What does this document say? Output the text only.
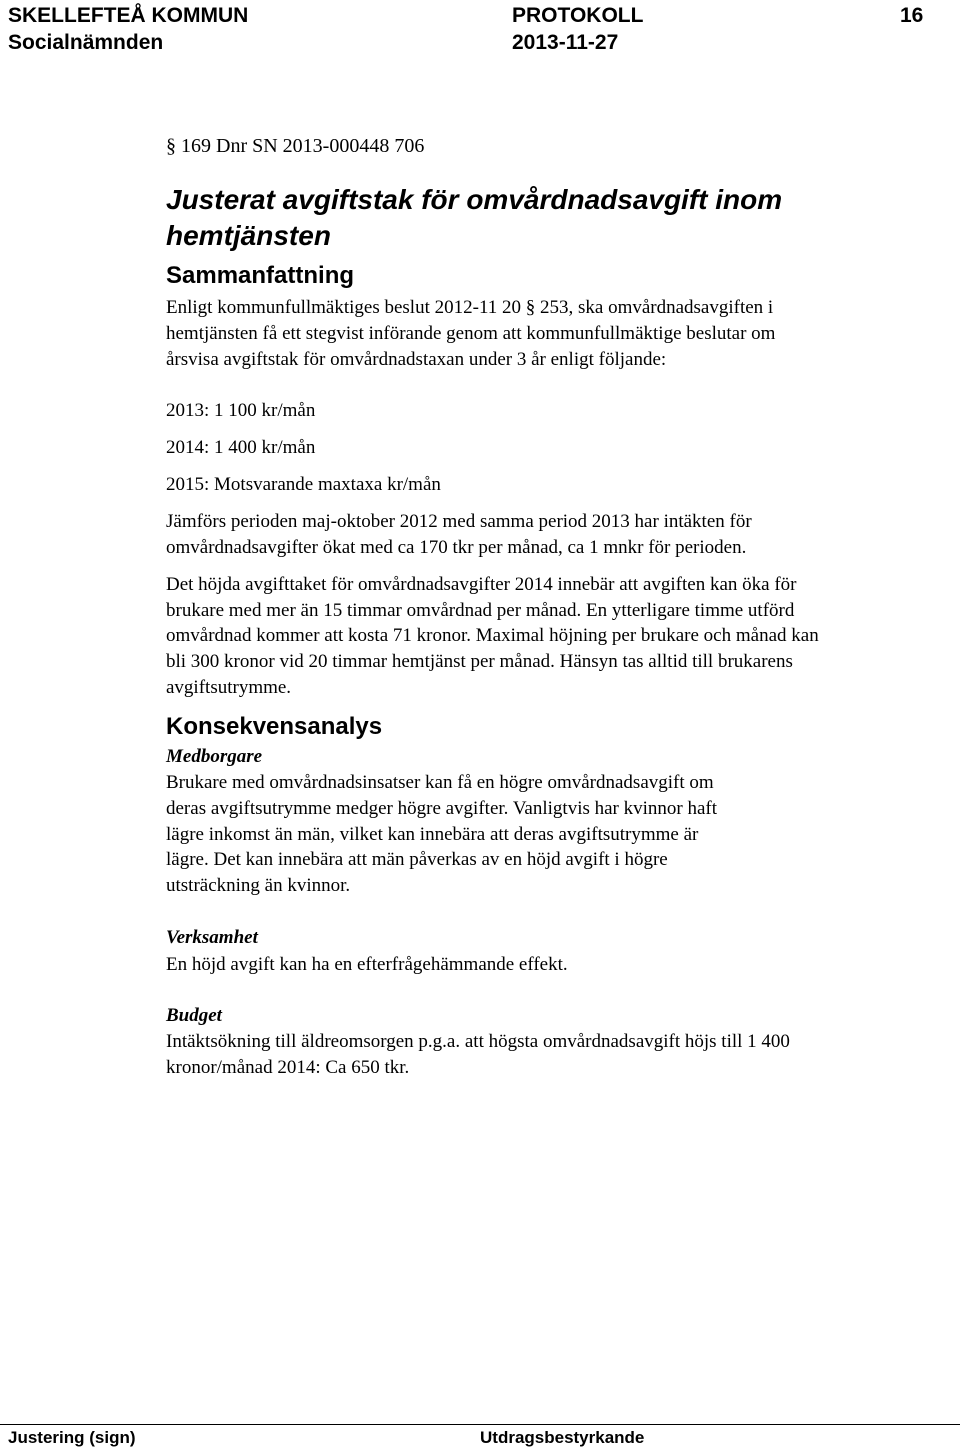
SKELLEFTEÅ KOMMUN	PROTOKOLL	16
Socialnämnden	2013-11-27

§ 169 Dnr SN 2013-000448 706

Justerat avgiftstak för omvårdnadsavgift inom
hemtjänsten
Sammanfattning

Enligt kommunfullmäktiges beslut 2012-11 20 § 253, ska omvårdnadsavgiften i

hemtjänsten få ett stegvist införande genom att kommunfullmäktige beslutar om

årsvisa avgiftstak för omvårdnadstaxan under 3 år enligt följande:

2013: 1 100 kr/mån

2014: 1 400 kr/mån

2015: Motsvarande maxtaxa kr/mån

Jämförs perioden maj-oktober 2012 med samma period 2013 har intäkten för

omvårdnadsavgifter ökat med ca 170 tkr per månad, ca 1 mnkr för perioden.

Det höjda avgifttaket för omvårdnadsavgifter 2014 innebär att avgiften kan öka för

brukare med mer än 15 timmar omvårdnad per månad. En ytterligare timme utförd

omvårdnad kommer att kosta 71 kronor. Maximal höjning per brukare och månad kan

bli 300 kronor vid 20 timmar hemtjänst per månad. Hänsyn tas alltid till brukarens

avgiftsutrymme.

Konsekvensanalys
Medborgare

Brukare med omvårdnadsinsatser kan få en högre omvårdnadsavgift om

deras avgiftsutrymme medger högre avgifter. Vanligtvis har kvinnor haft

lägre inkomst än män, vilket kan innebära att deras avgiftsutrymme är

lägre. Det kan innebära att män påverkas av en höjd avgift i högre

utsträckning än kvinnor.

Verksamhet

En höjd avgift kan ha en efterfrågehämmande effekt.

Budget

Intäktsökning till äldreomsorgen p.g.a. att högsta omvårdnadsavgift höjs till 1 400

kronor/månad 2014: Ca 650 tkr.

Justering (sign)	Utdragsbestyrkande
